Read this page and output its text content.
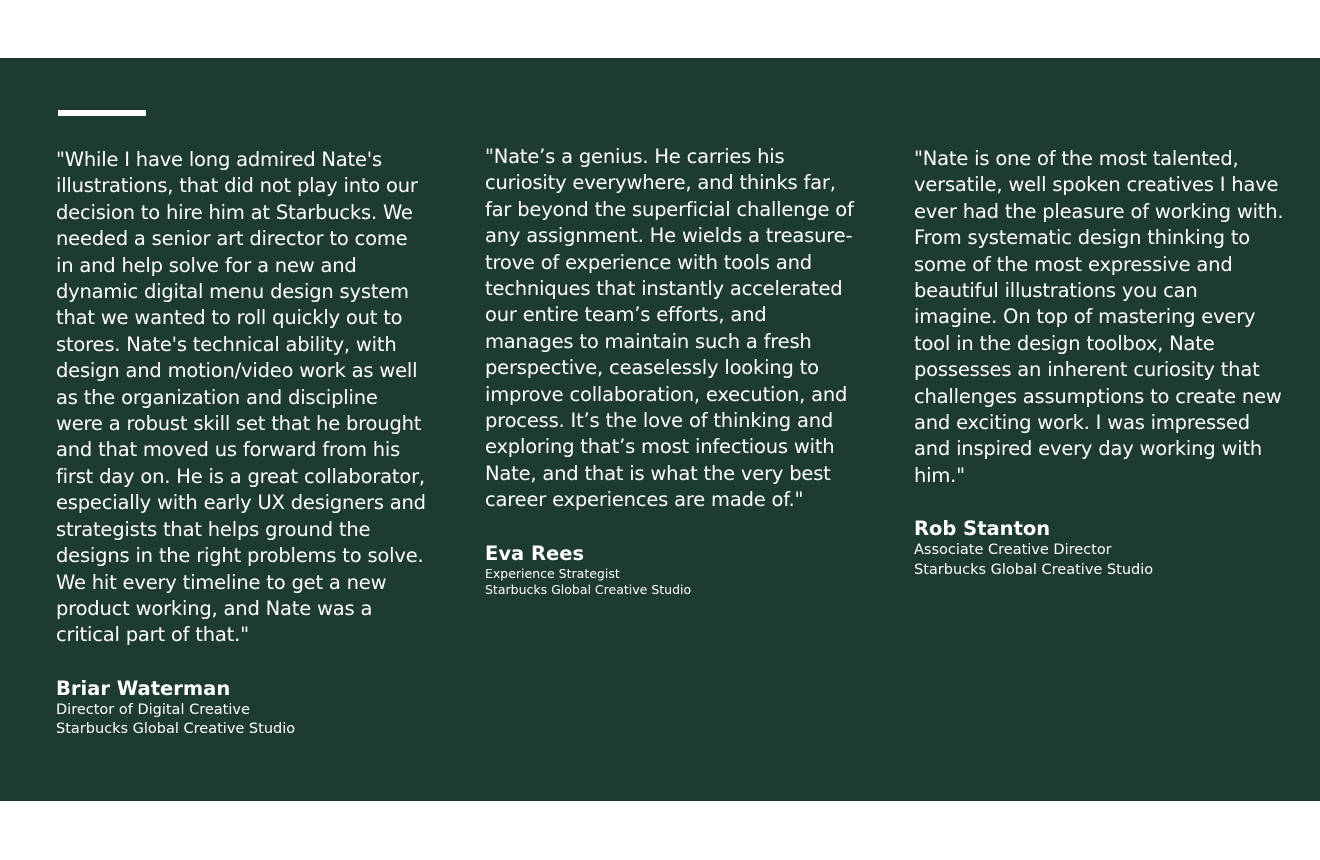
"While I have long admired Nate's illustrations, that did not play into our decision to hire him at Starbucks. We needed a senior art director to come in and help solve for a new and dynamic digital menu design system that we wanted to roll quickly out to stores. Nate's technical ability, with design and motion/video work as well as the organization and discipline were a robust skill set that he brought and that moved us forward from his first day on. He is a great collaborator, especially with early UX designers and strategists that helps ground the designs in the right problems to solve. We hit every timeline to get a new product working, and Nate was a critical part of that."

Briar Waterman

Director of Digital Creative

Starbucks Global Creative Studio

"Nate’s a genius. He carries his curiosity everywhere, and thinks far, far beyond the superficial challenge of any assignment. He wields a treasure-trove of experience with tools and techniques that instantly accelerated our entire team’s efforts, and manages to maintain such a fresh perspective, ceaselessly looking to improve collaboration, execution, and process. It’s the love of thinking and exploring that’s most infectious with Nate, and that is what the very best career experiences are made of."

Eva Rees

Experience Strategist

Starbucks Global Creative Studio

"Nate is one of the most talented, versatile, well spoken creatives I have ever had the pleasure of working with. From systematic design thinking to some of the most expressive and beautiful illustrations you can imagine. On top of mastering every tool in the design toolbox, Nate possesses an inherent curiosity that challenges assumptions to create new and exciting work. I was impressed and inspired every day working with him."

Rob Stanton

Associate Creative Director

Starbucks Global Creative Studio
